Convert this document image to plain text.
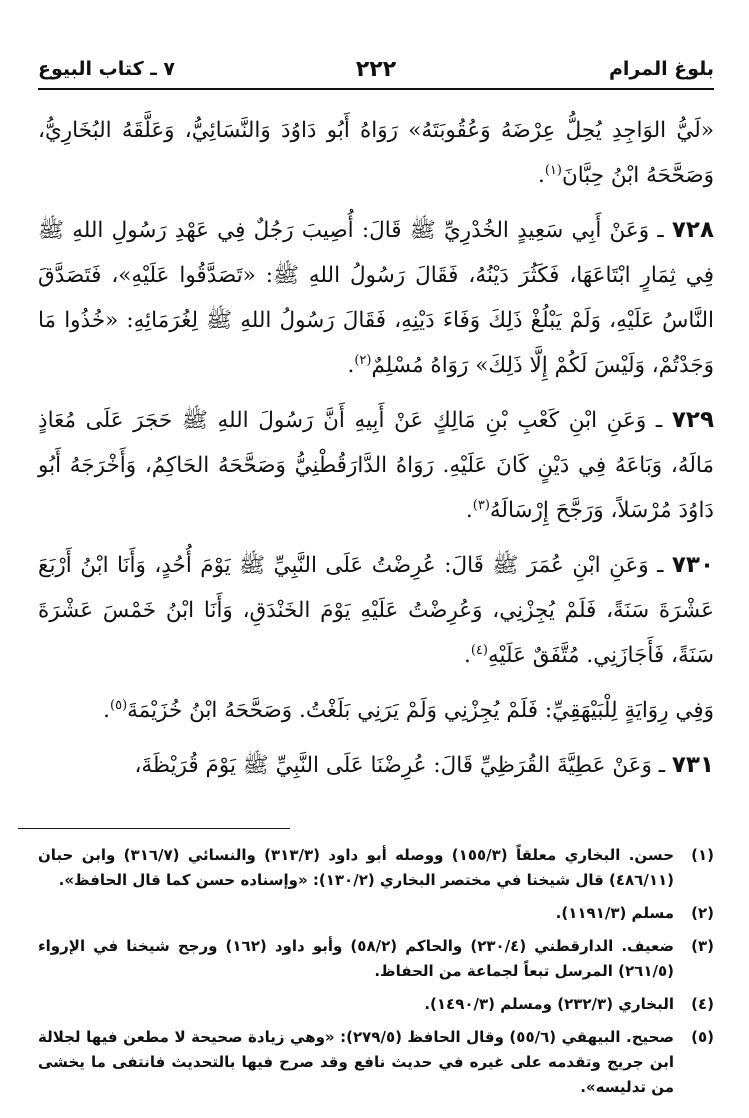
بلوغ المرام
٢٢٢
٧ ـ كتاب البيوع

«لَيُّ الوَاجِدِ يُحِلُّ عِرْضَهُ وَعُقُوبَتَهُ» رَوَاهُ أَبُو دَاوُدَ وَالنَّسَائِيُّ، وَعَلَّقَهُ البُخَارِيُّ، وَصَحَّحَهُ ابْنُ حِبَّانَ$^{(١)}$.

٧٢٨ ـ وَعَنْ أَبِي سَعِيدٍ الخُدْرِيِّ ﷺ قَالَ: أُصِيبَ رَجُلٌ فِي عَهْدِ رَسُولِ اللهِ ﷺ فِي ثِمَارٍ ابْتَاعَهَا، فَكَثُرَ دَيْنُهُ، فَقَالَ رَسُولُ اللهِ ﷺ: «تَصَدَّقُوا عَلَيْهِ»، فَتَصَدَّقَ النَّاسُ عَلَيْهِ، وَلَمْ يَبْلُغْ ذَلِكَ وَفَاءَ دَيْنِهِ، فَقَالَ رَسُولُ اللهِ ﷺ لِغُرَمَائِهِ: «خُذُوا مَا وَجَدْتُمْ، وَلَيْسَ لَكُمْ إِلَّا ذَلِكَ» رَوَاهُ مُسْلِمٌ$^{(٢)}$.

٧٢٩ ـ وَعَنِ ابْنِ كَعْبِ بْنِ مَالِكٍ عَنْ أَبِيهِ أَنَّ رَسُولَ اللهِ ﷺ حَجَرَ عَلَى مُعَاذٍ مَالَهُ، وَبَاعَهُ فِي دَيْنٍ كَانَ عَلَيْهِ. رَوَاهُ الدَّارَقُطْنِيُّ وَصَحَّحَهُ الحَاكِمُ، وَأَخْرَجَهُ أَبُو دَاوُدَ مُرْسَلاً، وَرَجَّحَ إِرْسَالَهُ$^{(٣)}$.

٧٣٠ ـ وَعَنِ ابْنِ عُمَرَ ﷺ قَالَ: عُرِضْتُ عَلَى النَّبِيِّ ﷺ يَوْمَ أُحُدٍ، وَأَنَا ابْنُ أَرْبَعَ عَشْرَةَ سَنَةً، فَلَمْ يُجِزْنِي، وَعُرِضْتُ عَلَيْهِ يَوْمَ الخَنْدَقِ، وَأَنَا ابْنُ خَمْسَ عَشْرَةَ سَنَةً، فَأَجَازَنِي. مُتَّفَقٌ عَلَيْهِ$^{(٤)}$.

وَفِي رِوَايَةٍ لِلْبَيْهَقِيِّ: فَلَمْ يُجِزْنِي وَلَمْ يَرَنِي بَلَغْتُ. وَصَحَّحَهُ ابْنُ خُزَيْمَةَ$^{(٥)}$.

٧٣١ ـ وَعَنْ عَطِيَّةَ القُرَظِيِّ قَالَ: عُرِضْنَا عَلَى النَّبِيِّ ﷺ يَوْمَ قُرَيْظَةَ،

(١)
حسن. البخاري معلقاً (١٥٥/٣) ووصله أبو داود (٣١٣/٣) والنسائي (٣١٦/٧) وابن حبان (٤٨٦/١١) قال شيخنا في مختصر البخاري (١٣٠/٢): «وإسناده حسن كما قال الحافظ».
(٢)
مسلم (١١٩١/٣).
(٣)
ضعيف. الدارقطني (٢٣٠/٤) والحاكم (٥٨/٢) وأبو داود (١٦٢) ورجح شيخنا في الإرواء (٢٦١/٥) المرسل تبعاً لجماعة من الحفاظ.
(٤)
البخاري (٢٣٢/٣) ومسلم (١٤٩٠/٣).
(٥)
صحيح. البيهقي (٥٥/٦) وقال الحافظ (٢٧٩/٥): «وهي زيادة صحيحة لا مطعن فيها لجلالة ابن جريج وتقدمه على غيره في حديث نافع وقد صرح فيها بالتحديث فانتفى ما يخشى من تدليسه».
